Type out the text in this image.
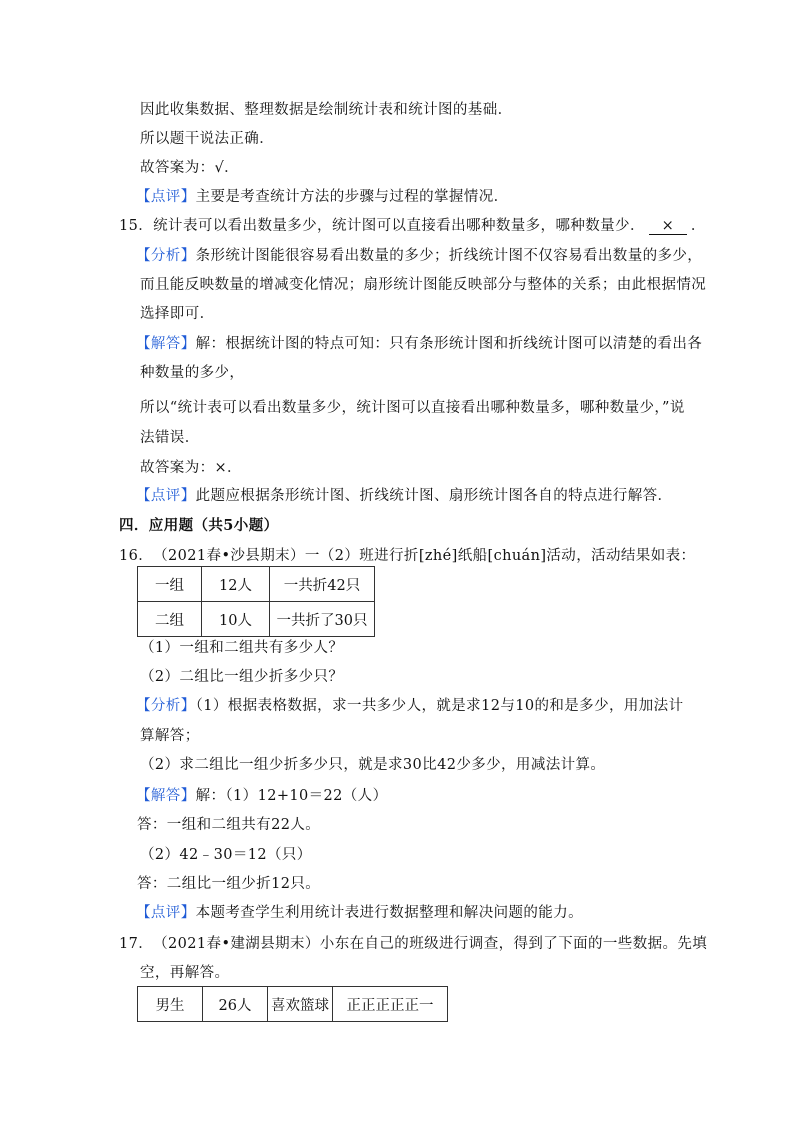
因此收集数据、整理数据是绘制统计表和统计图的基础．
所以题干说法正确．
故答案为：√．
【点评】主要是考查统计方法的步骤与过程的掌握情况．
15．统计表可以看出数量多少，统计图可以直接看出哪种数量多，哪种数量少． × ．
【分析】条形统计图能很容易看出数量的多少；折线统计图不仅容易看出数量的多少，
而且能反映数量的增减变化情况；扇形统计图能反映部分与整体的关系；由此根据情况
选择即可．
【解答】解：根据统计图的特点可知：只有条形统计图和折线统计图可以清楚的看出各
种数量的多少，
所以“统计表可以看出数量多少，统计图可以直接看出哪种数量多，哪种数量少，”说
法错误．
故答案为：×．
【点评】此题应根据条形统计图、折线统计图、扇形统计图各自的特点进行解答．
四．应用题（共5小题）
16．（2021春•沙县期末）一（2）班进行折[zhé]纸船[chuán]活动，活动结果如表：
一组	12人	一共折42只
二组	10人	一共折了30只
（1）一组和二组共有多少人？
（2）二组比一组少折多少只？
【分析】（1）根据表格数据，求一共多少人，就是求12与10的和是多少，用加法计
算解答；
（2）求二组比一组少折多少只，就是求30比42少多少，用减法计算。
【解答】解：（1）12+10＝22（人）
答：一组和二组共有22人。
（2）42﹣30＝12（只）
答：二组比一组少折12只。
【点评】本题考查学生利用统计表进行数据整理和解决问题的能力。
17．（2021春•建湖县期末）小东在自己的班级进行调查，得到了下面的一些数据。先填
空，再解答。
男生	26人	喜欢篮球	正正正正正一
